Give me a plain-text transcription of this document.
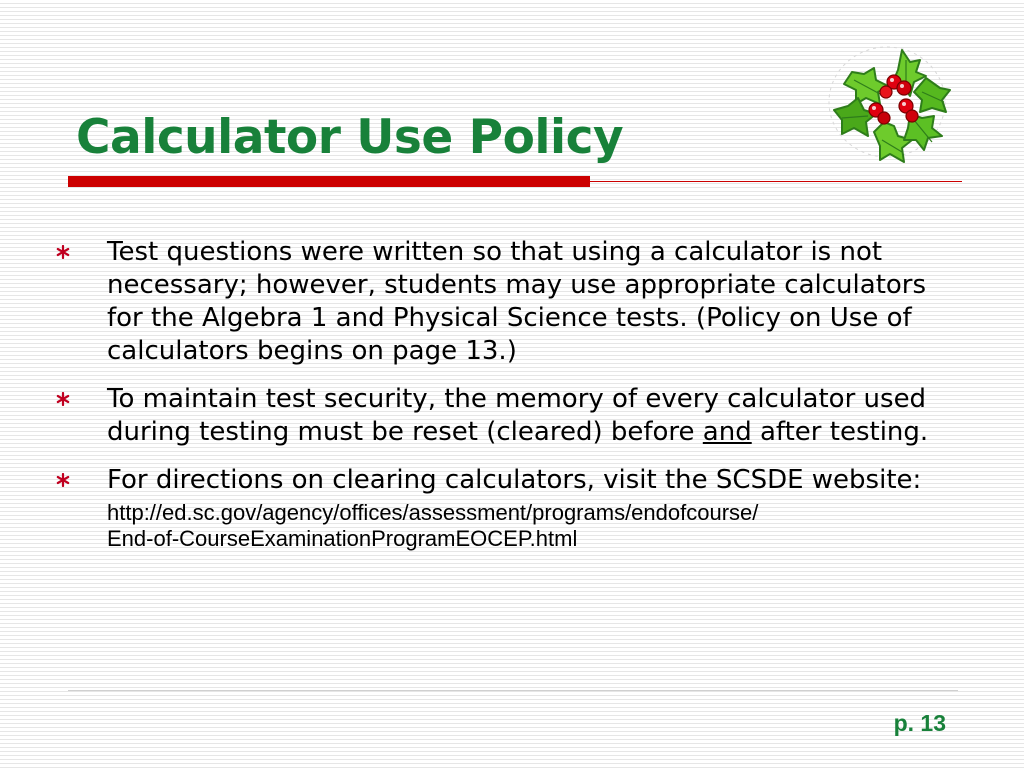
Calculator Use Policy
Test questions were written so that using a calculator is not necessary; however, students may use appropriate calculators for the Algebra 1 and Physical Science tests. (Policy on Use of calculators begins on page 13.)
To maintain test security, the memory of every calculator used during testing must be reset (cleared) before and after testing.
For directions on clearing calculators, visit the SCSDE website:
http://ed.sc.gov/agency/offices/assessment/programs/endofcourse/
End-of-CourseExaminationProgramEOCEP.html
p. 13
